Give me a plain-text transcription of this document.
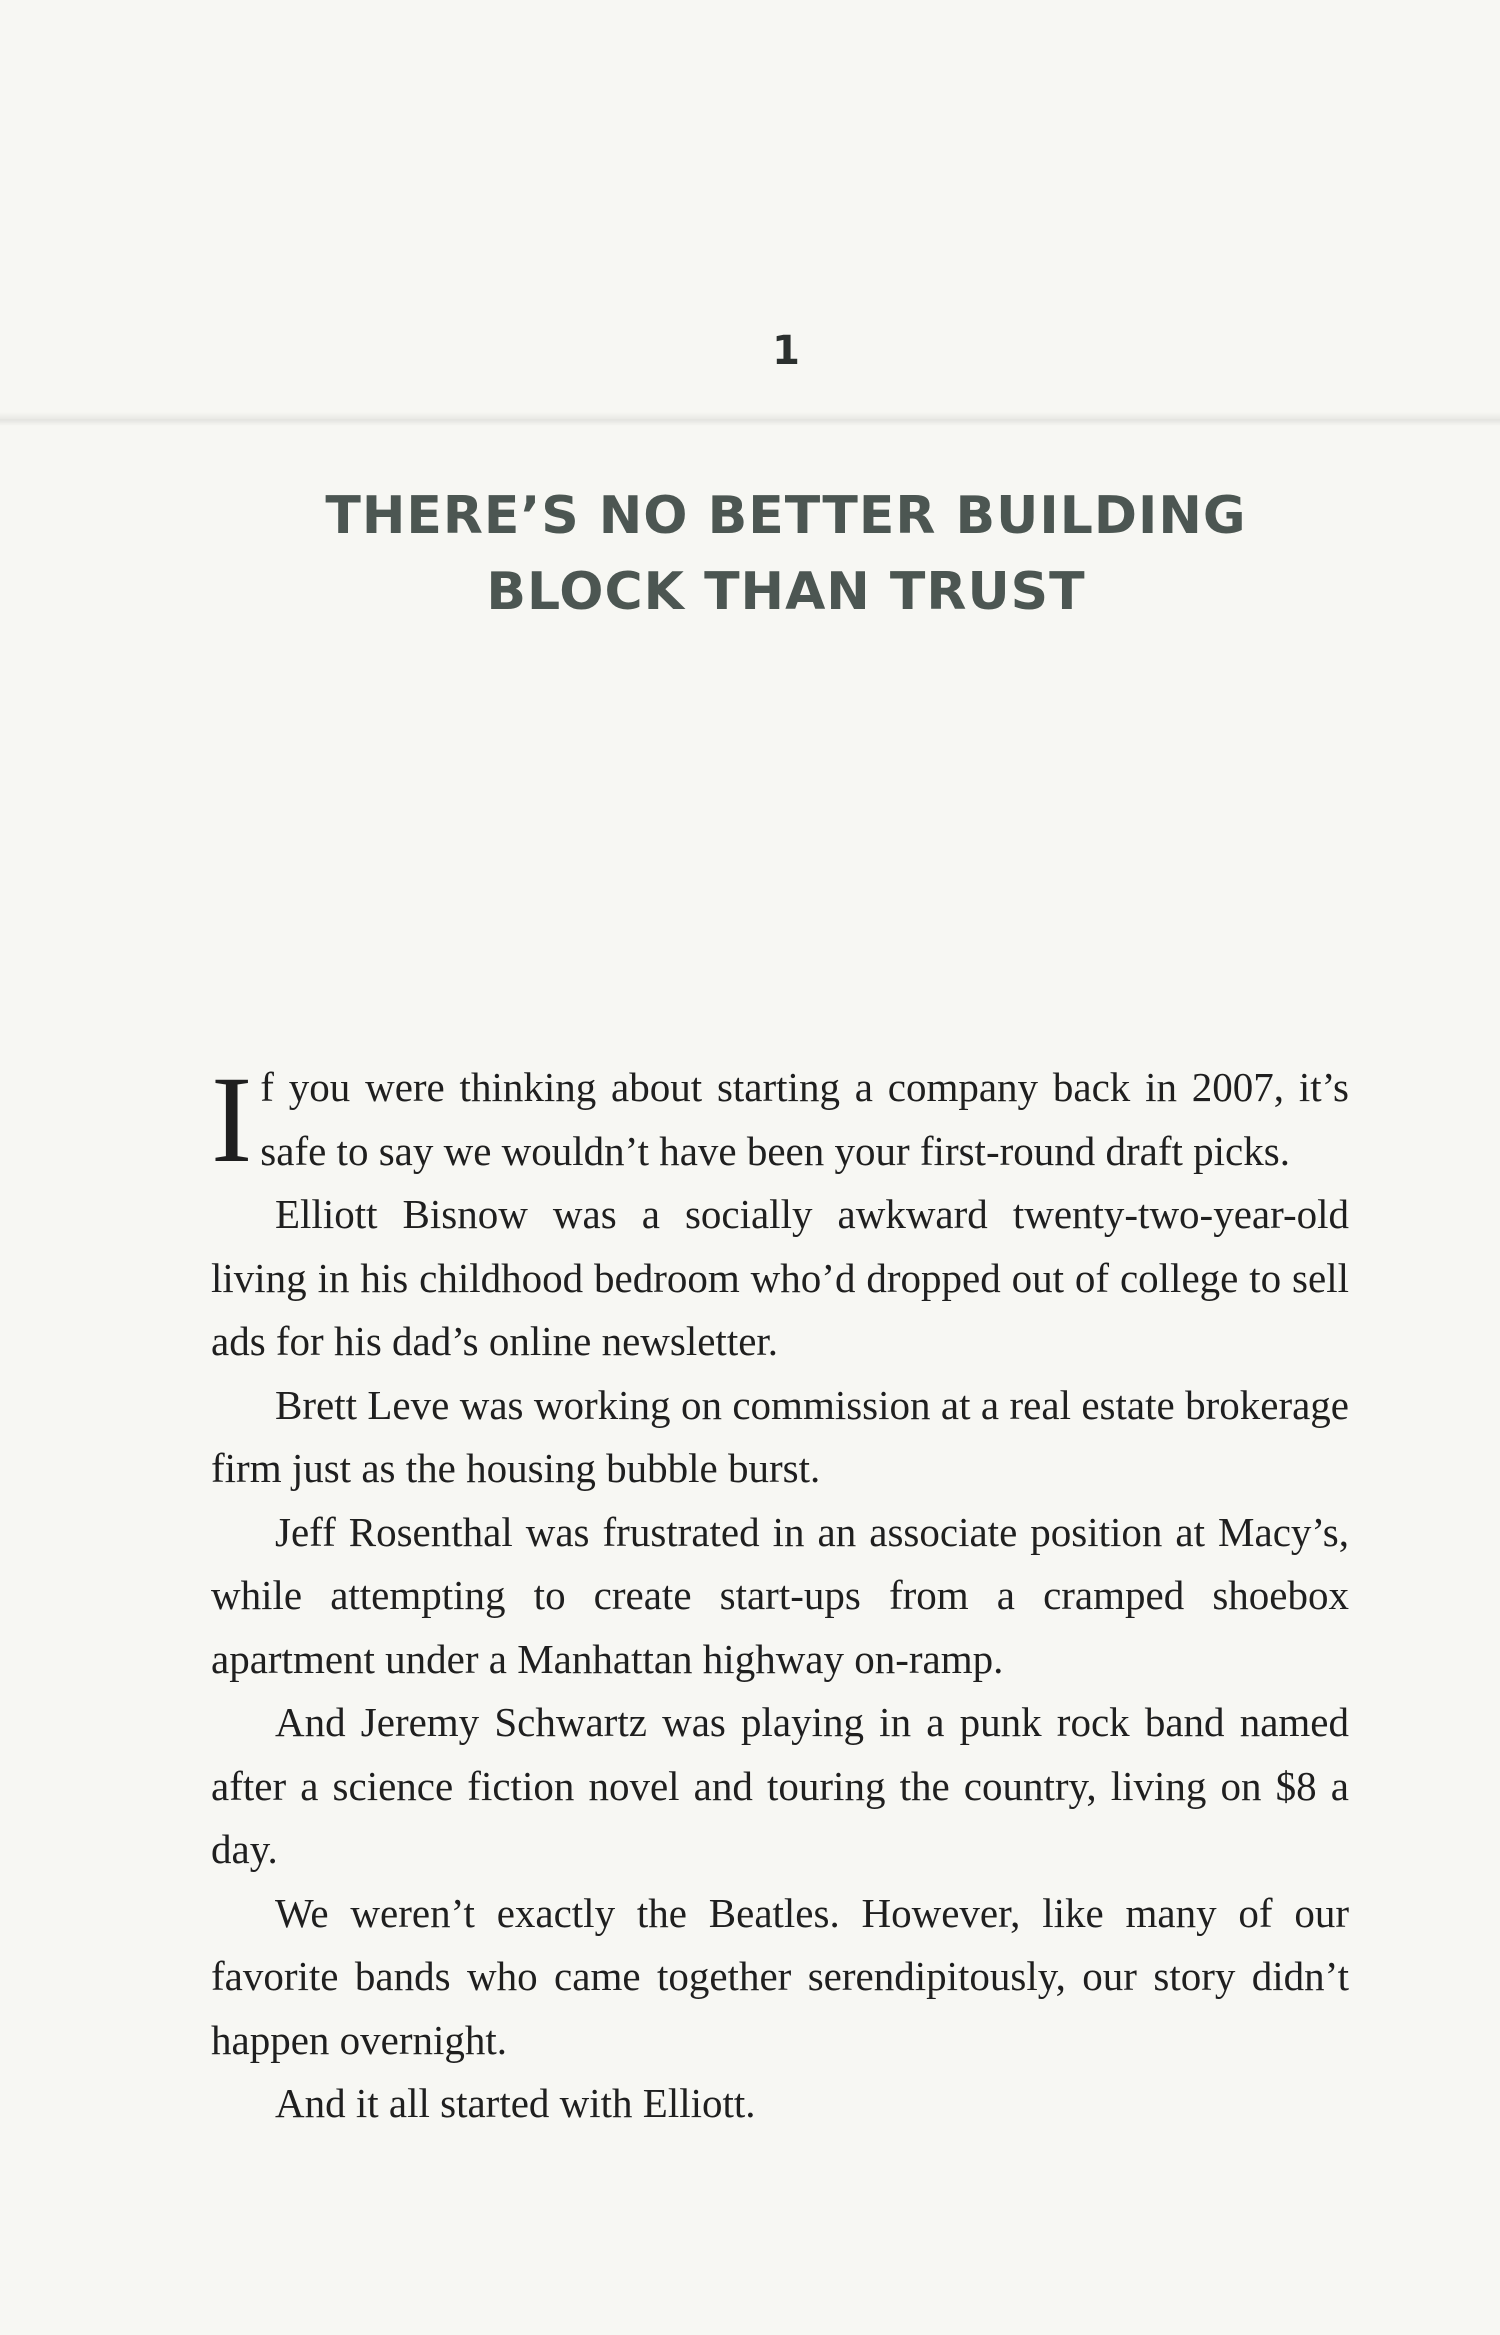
1
THERE’S NO BETTER BUILDING
BLOCK THAN TRUST

If you were thinking about starting a company back in 2007, it’s safe to say we wouldn’t have been your first-round draft picks.

Elliott Bisnow was a socially awkward twenty-two-year-old living in his childhood bedroom who’d dropped out of college to sell ads for his dad’s online newsletter.

Brett Leve was working on commission at a real estate brokerage firm just as the housing bubble burst.

Jeff Rosenthal was frustrated in an associate position at Macy’s, while attempting to create start-ups from a cramped shoebox apartment under a Manhattan highway on-ramp.

And Jeremy Schwartz was playing in a punk rock band named after a science fiction novel and touring the country, living on $8 a day.

We weren’t exactly the Beatles. However, like many of our favorite bands who came together serendipitously, our story didn’t happen overnight.

And it all started with Elliott.
